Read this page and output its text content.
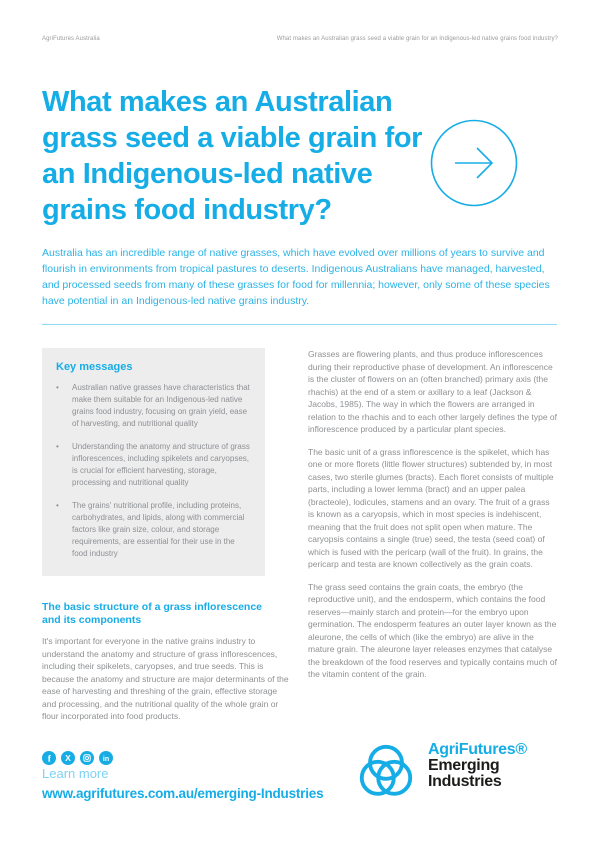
AgriFutures Australia	What makes an Australian grass seed a viable grain for an Indigenous-led native grains food industry?
What makes an Australian
grass seed a viable grain for
an Indigenous-led native
grains food industry?

Australia has an incredible range of native grasses, which have evolved over millions of years to survive and flourish in environments from tropical pastures to deserts. Indigenous Australians have managed, harvested, and processed seeds from many of these grasses for food for millennia; however, only some of these species have potential in an Indigenous-led native grains industry.

Key messages
•	Australian native grasses have characteristics that make them suitable for an Indigenous-led native grains food industry, focusing on grain yield, ease of harvesting, and nutritional quality
•	Understanding the anatomy and structure of grass inflorescences, including spikelets and caryopses, is crucial for efficient harvesting, storage, processing and nutritional quality
•	The grains' nutritional profile, including proteins, carbohydrates, and lipids, along with commercial factors like grain size, colour, and storage requirements, are essential for their use in the food industry
The basic structure of a grass inflorescence
and its components

It's important for everyone in the native grains industry to understand the anatomy and structure of grass inflorescences, including their spikelets, caryopses, and true seeds. This is because the anatomy and structure are major determinants of the ease of harvesting and threshing of the grain, effective storage and processing, and the nutritional quality of the whole grain or flour incorporated into food products.

Grasses are flowering plants, and thus produce inflorescences during their reproductive phase of development. An inflorescence is the cluster of flowers on an (often branched) primary axis (the rhachis) at the end of a stem or axillary to a leaf (Jackson & Jacobs, 1985). The way in which the flowers are arranged in relation to the rhachis and to each other largely defines the type of inflorescence produced by a particular plant species.

The basic unit of a grass inflorescence is the spikelet, which has one or more florets (little flower structures) subtended by, in most cases, two sterile glumes (bracts). Each floret consists of multiple parts, including a lower lemma (bract) and an upper palea (bracteole), lodicules, stamens and an ovary. The fruit of a grass is known as a caryopsis, which in most species is indehiscent, meaning that the fruit does not split open when mature. The caryopsis contains a single (true) seed, the testa (seed coat) of which is fused with the pericarp (wall of the fruit). In grains, the pericarp and testa are known collectively as the grain coats.

The grass seed contains the grain coats, the embryo (the reproductive unit), and the endosperm, which contains the food reserves—mainly starch and protein—for the embryo upon germination. The endosperm features an outer layer known as the aleurone, the cells of which (like the embryo) are alive in the mature grain. The aleurone layer releases enzymes that catalyse the breakdown of the food reserves and typically contains much of the vitamin content of the grain.

f X	in
Learn more
www.agrifutures.com.au/emerging-Industries
AgriFutures®
Emerging
Industries
